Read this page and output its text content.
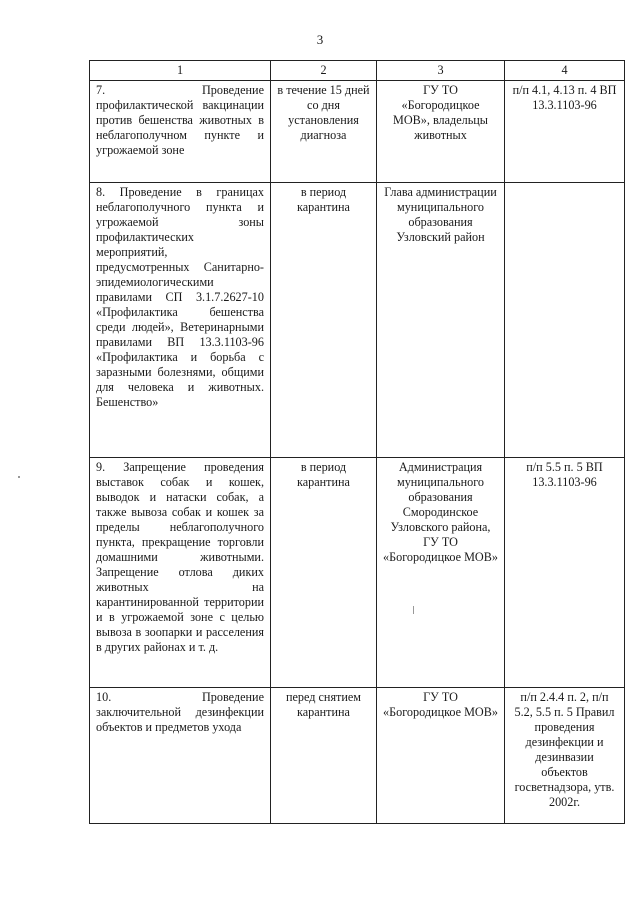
3
1	2	3	4
7. Проведение профилактической вакцинации против бешенства животных в неблагополучном пункте и угрожаемой зоне	в течение 15 дней со дня установления диагноза	ГУ ТО «Богородицкое МОВ», владельцы животных	п/п 4.1, 4.13 п. 4 ВП 13.3.1103-96
8. Проведение в границах неблагополучного пункта и угрожаемой зоны профилактических мероприятий, предусмотренных Санитарно-эпидемиологическими правилами СП 3.1.7.2627-10 «Профилактика бешенства среди людей», Ветеринарными правилами ВП 13.3.1103-96 «Профилактика и борьба с заразными болезнями, общими для человека и животных. Бешенство»	в период карантина	Глава администрации муниципального образования Узловский район	
9. Запрещение проведения выставок собак и кошек, выводок и натаски собак, а также вывоза собак и кошек за пределы неблагополучного пункта, прекращение торговли домашними животными. Запрещение отлова диких животных на карантинированной территории и в угрожаемой зоне с целью вывоза в зоопарки и расселения в других районах и т. д.	в период карантина	Администрация муниципального образования Смородинское Узловского района, ГУ ТО «Богородицкое МОВ»	п/п 5.5 п. 5 ВП 13.3.1103-96
10. Проведение заключительной дезинфекции объектов и предметов ухода	перед снятием карантина	ГУ ТО «Богородицкое МОВ»	п/п 2.4.4 п. 2, п/п 5.2, 5.5 п. 5 Правил проведения дезинфекции и дезинвазии объектов госветнадзора, утв. 2002г.
